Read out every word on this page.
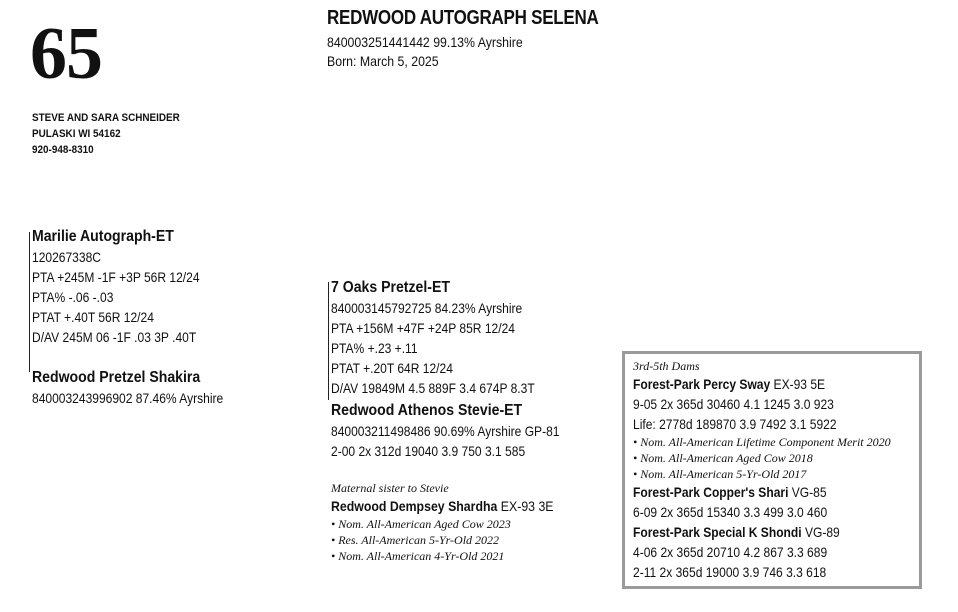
65	REDWOOD AUTOGRAPH SELENA
840003251441442 99.13% Ayrshire
Born: March 5, 2025
STEVE AND SARA SCHNEIDER
PULASKI WI 54162
920-948-8310
Marilie Autograph-ET
120267338C
PTA +245M -1F +3P 56R 12/24
PTA% -.06 -.03
PTAT +.40T 56R 12/24
D/AV 245M 06 -1F .03 3P .40T
Redwood Pretzel Shakira
840003243996902 87.46% Ayrshire
7 Oaks Pretzel-ET
840003145792725 84.23% Ayrshire
PTA +156M +47F +24P 85R 12/24
PTA% +.23 +.11
PTAT +.20T 64R 12/24
D/AV 19849M 4.5 889F 3.4 674P 8.3T
Redwood Athenos Stevie-ET
840003211498486 90.69% Ayrshire GP-81
2-00 2x 312d 19040 3.9 750 3.1 585
Maternal sister to Stevie
Redwood Dempsey Shardha EX-93 3E
• Nom. All-American Aged Cow 2023
• Res. All-American 5-Yr-Old 2022
• Nom. All-American 4-Yr-Old 2021
3rd-5th Dams
Forest-Park Percy Sway EX-93 5E
9-05 2x 365d 30460 4.1 1245 3.0 923
Life: 2778d 189870 3.9 7492 3.1 5922
• Nom. All-American Lifetime Component Merit 2020
• Nom. All-American Aged Cow 2018
• Nom. All-American 5-Yr-Old 2017
Forest-Park Copper's Shari VG-85
6-09 2x 365d 15340 3.3 499 3.0 460
Forest-Park Special K Shondi VG-89
4-06 2x 365d 20710 4.2 867 3.3 689
2-11 2x 365d 19000 3.9 746 3.3 618
